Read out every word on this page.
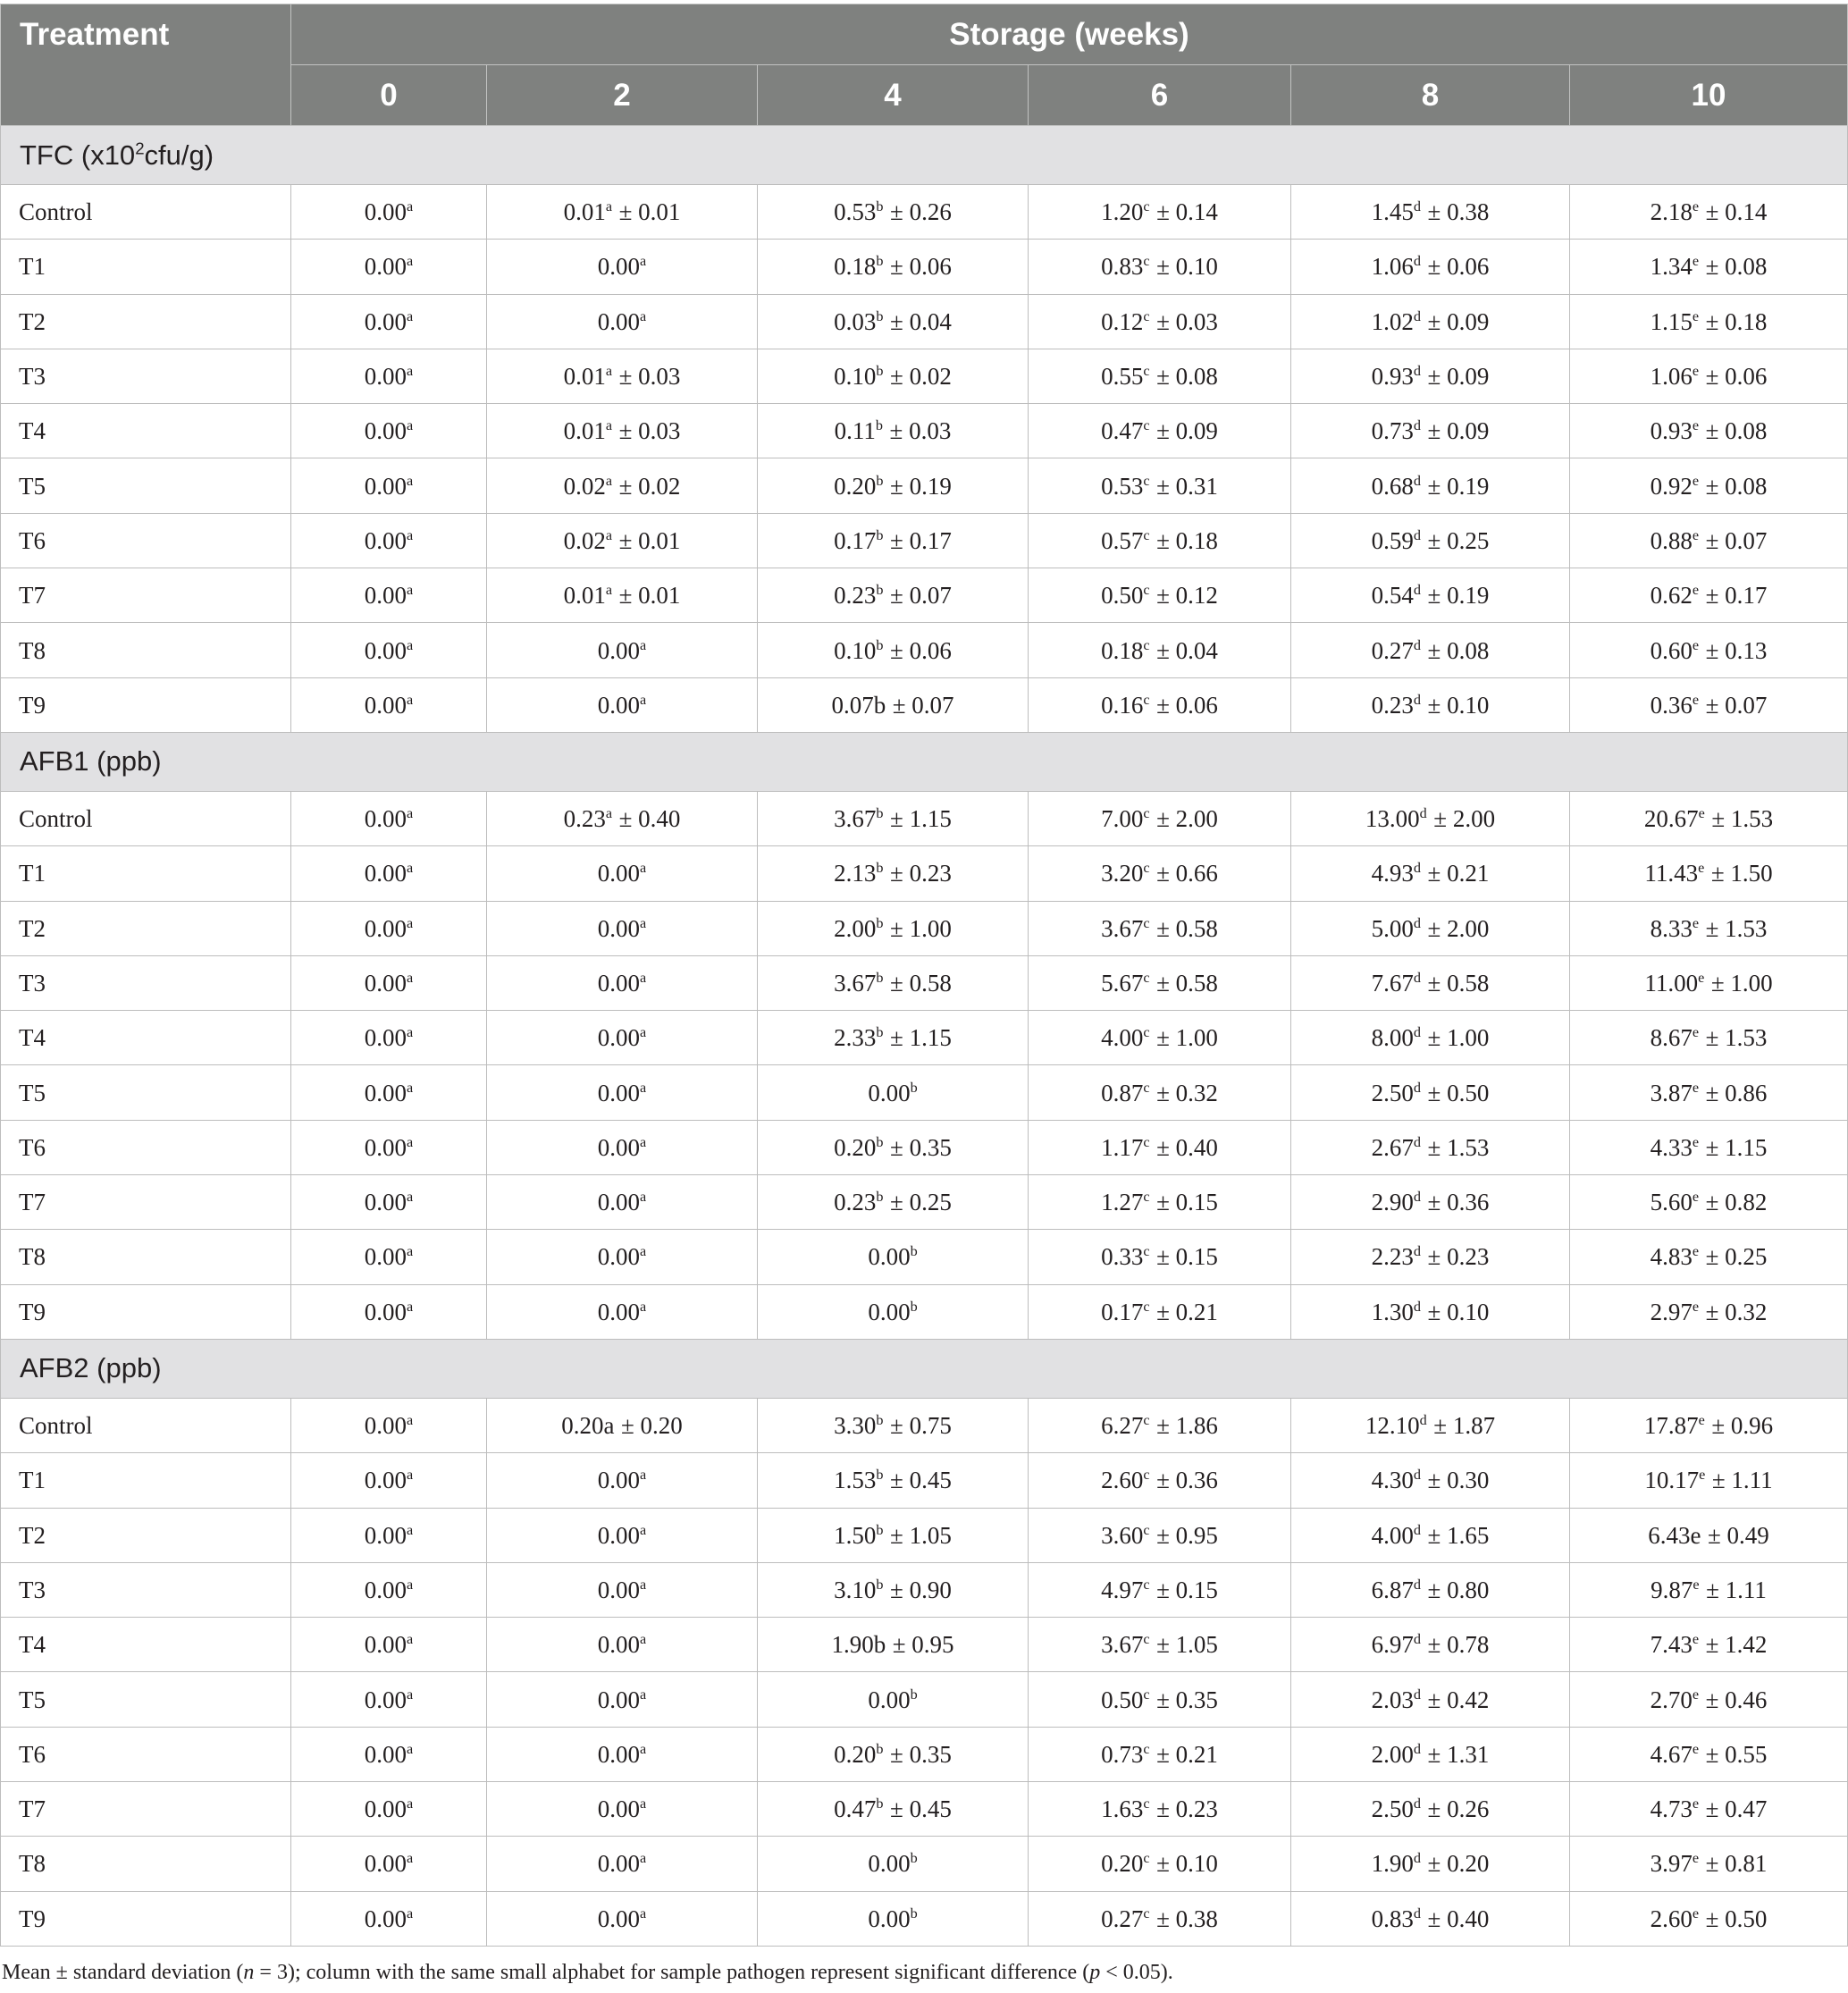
Treatment	Storage (weeks)					
	0	2	4	6	8	10
TFC $(x10^2cfu/g)$						
Control	0.00$^a$	0.01$^a$ ± 0.01	0.53$^b$ ± 0.26	1.20$^c$ ± 0.14	1.45$^d$ ± 0.38	2.18$^e$ ± 0.14
T1	0.00$^a$	0.00$^a$	0.18$^b$ ± 0.06	0.83$^c$ ± 0.10	1.06$^d$ ± 0.06	1.34$^e$ ± 0.08
T2	0.00$^a$	0.00$^a$	0.03$^b$ ± 0.04	0.12$^c$ ± 0.03	1.02$^d$ ± 0.09	1.15$^e$ ± 0.18
T3	0.00$^a$	0.01$^a$ ± 0.03	0.10$^b$ ± 0.02	0.55$^c$ ± 0.08	0.93$^d$ ± 0.09	1.06$^e$ ± 0.06
T4	0.00$^a$	0.01$^a$ ± 0.03	0.11$^b$ ± 0.03	0.47$^c$ ± 0.09	0.73$^d$ ± 0.09	0.93$^e$ ± 0.08
T5	0.00$^a$	0.02$^a$ ± 0.02	0.20$^b$ ± 0.19	0.53$^c$ ± 0.31	0.68$^d$ ± 0.19	0.92$^e$ ± 0.08
T6	0.00$^a$	0.02$^a$ ± 0.01	0.17$^b$ ± 0.17	0.57$^c$ ± 0.18	0.59$^d$ ± 0.25	0.88$^e$ ± 0.07
T7	0.00$^a$	0.01$^a$ ± 0.01	0.23$^b$ ± 0.07	0.50$^c$ ± 0.12	0.54$^d$ ± 0.19	0.62$^e$ ± 0.17
T8	0.00$^a$	0.00$^a$	0.10$^b$ ± 0.06	0.18$^c$ ± 0.04	0.27$^d$ ± 0.08	0.60$^e$ ± 0.13
T9	0.00$^a$	0.00$^a$	0.07b ± 0.07	0.16$^c$ ± 0.06	0.23$^d$ ± 0.10	0.36$^e$ ± 0.07
AFB1 (ppb)						
Control	0.00$^a$	0.23$^a$ ± 0.40	3.67$^b$ ± 1.15	7.00$^c$ ± 2.00	13.00$^d$ ± 2.00	20.67$^e$ ± 1.53
T1	0.00$^a$	0.00$^a$	2.13$^b$ ± 0.23	3.20$^c$ ± 0.66	4.93$^d$ ± 0.21	11.43$^e$ ± 1.50
T2	0.00$^a$	0.00$^a$	2.00$^b$ ± 1.00	3.67$^c$ ± 0.58	5.00$^d$ ± 2.00	8.33$^e$ ± 1.53
T3	0.00$^a$	0.00$^a$	3.67$^b$ ± 0.58	5.67$^c$ ± 0.58	7.67$^d$ ± 0.58	11.00$^e$ ± 1.00
T4	0.00$^a$	0.00$^a$	2.33$^b$ ± 1.15	4.00$^c$ ± 1.00	8.00$^d$ ± 1.00	8.67$^e$ ± 1.53
T5	0.00$^a$	0.00$^a$	0.00$^b$	0.87$^c$ ± 0.32	2.50$^d$ ± 0.50	3.87$^e$ ± 0.86
T6	0.00$^a$	0.00$^a$	0.20$^b$ ± 0.35	1.17$^c$ ± 0.40	2.67$^d$ ± 1.53	4.33$^e$ ± 1.15
T7	0.00$^a$	0.00$^a$	0.23$^b$ ± 0.25	1.27$^c$ ± 0.15	2.90$^d$ ± 0.36	5.60$^e$ ± 0.82
T8	0.00$^a$	0.00$^a$	0.00$^b$	0.33$^c$ ± 0.15	2.23$^d$ ± 0.23	4.83$^e$ ± 0.25
T9	0.00$^a$	0.00$^a$	0.00$^b$	0.17$^c$ ± 0.21	1.30$^d$ ± 0.10	2.97$^e$ ± 0.32
AFB2 (ppb)						
Control	0.00$^a$	0.20a ± 0.20	3.30$^b$ ± 0.75	6.27$^c$ ± 1.86	12.10$^d$ ± 1.87	17.87$^e$ ± 0.96
T1	0.00$^a$	0.00$^a$	1.53$^b$ ± 0.45	2.60$^c$ ± 0.36	4.30$^d$ ± 0.30	10.17$^e$ ± 1.11
T2	0.00$^a$	0.00$^a$	1.50$^b$ ± 1.05	3.60$^c$ ± 0.95	4.00$^d$ ± 1.65	6.43e ± 0.49
T3	0.00$^a$	0.00$^a$	3.10$^b$ ± 0.90	4.97$^c$ ± 0.15	6.87$^d$ ± 0.80	9.87$^e$ ± 1.11
T4	0.00$^a$	0.00$^a$	1.90b ± 0.95	3.67$^c$ ± 1.05	6.97$^d$ ± 0.78	7.43$^e$ ± 1.42
T5	0.00$^a$	0.00$^a$	0.00$^b$	0.50$^c$ ± 0.35	2.03$^d$ ± 0.42	2.70$^e$ ± 0.46
T6	0.00$^a$	0.00$^a$	0.20$^b$ ± 0.35	0.73$^c$ ± 0.21	2.00$^d$ ± 1.31	4.67$^e$ ± 0.55
T7	0.00$^a$	0.00$^a$	0.47$^b$ ± 0.45	1.63$^c$ ± 0.23	2.50$^d$ ± 0.26	4.73$^e$ ± 0.47
T8	0.00$^a$	0.00$^a$	0.00$^b$	0.20$^c$ ± 0.10	1.90$^d$ ± 0.20	3.97$^e$ ± 0.81
T9	0.00$^a$	0.00$^a$	0.00$^b$	0.27$^c$ ± 0.38	0.83$^d$ ± 0.40	2.60$^e$ ± 0.50
Mean ± standard deviation (n = 3); column with the same small alphabet for sample pathogen represent significant difference (p < 0.05).
